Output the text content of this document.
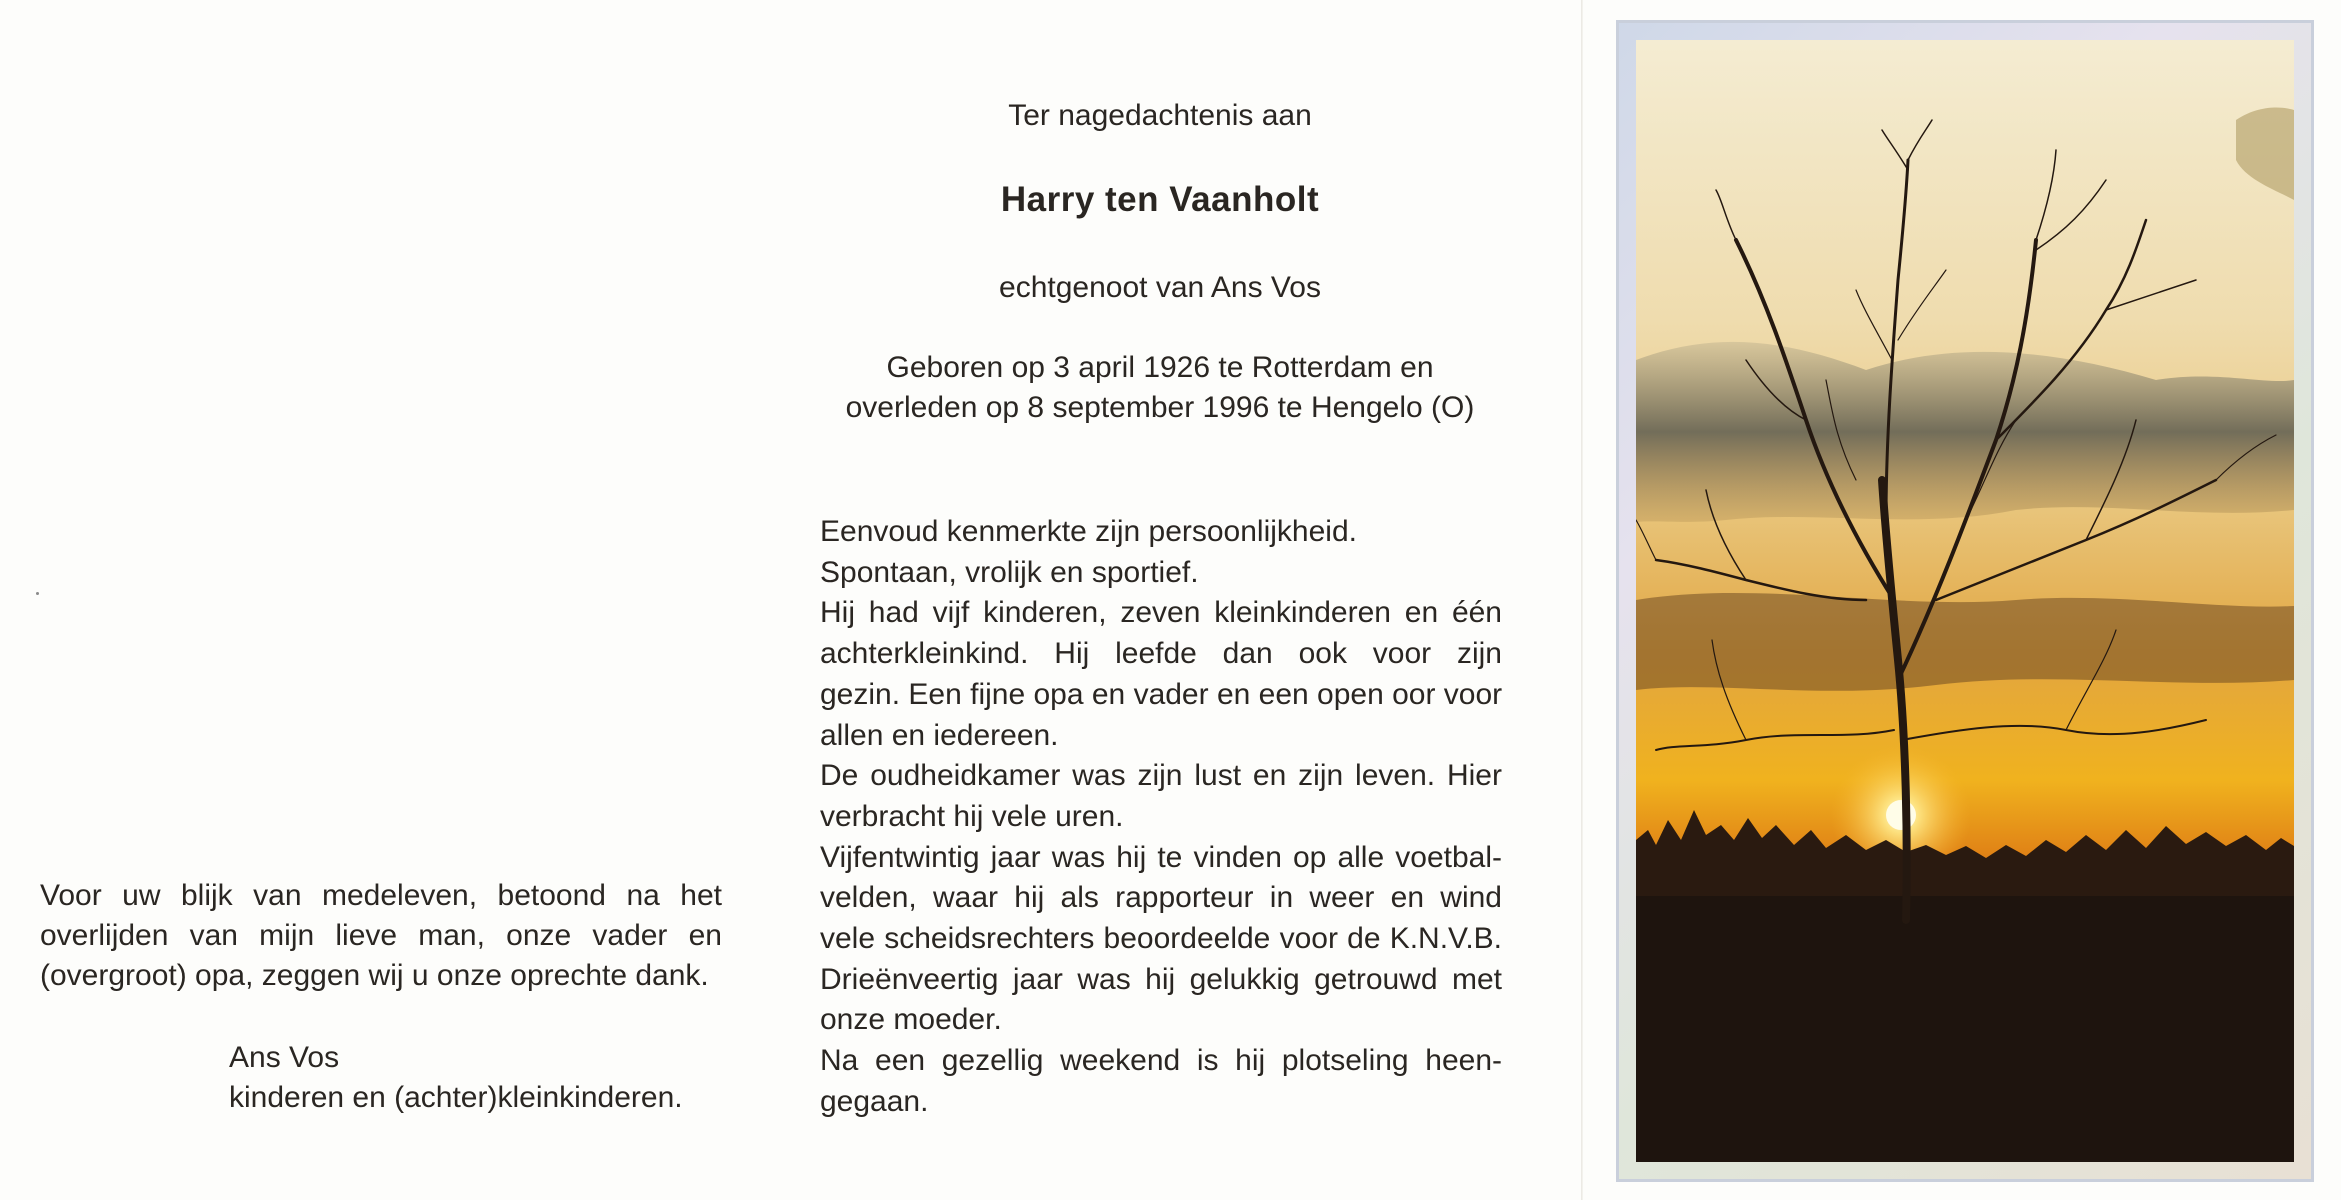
Voor uw blijk van medeleven, betoond na het overlijden van mijn lieve man, onze vader en (overgroot) opa, zeggen wij u onze oprechte dank.
Ans Vos
kinderen en (achter)kleinkinderen.
Ter nagedachtenis aan
Harry ten Vaanholt
echtgenoot van Ans Vos
Geboren op 3 april 1926 te Rotterdam en
overleden op 8 september 1996 te Hengelo (O)
Eenvoud kenmerkte zijn persoonlijkheid.
Spontaan, vrolijk en sportief.
Hij had vijf kinderen, zeven kleinkinderen en één
achterkleinkind. Hij leefde dan ook voor zijn
gezin. Een fijne opa en vader en een open oor voor
allen en iedereen.
De oudheidkamer was zijn lust en zijn leven. Hier
verbracht hij vele uren.
Vijfentwintig jaar was hij te vinden op alle voetbal-
velden, waar hij als rapporteur in weer en wind
vele scheidsrechters beoordeelde voor de K.N.V.B.
Drieënveertig jaar was hij gelukkig getrouwd met
onze moeder.
Na een gezellig weekend is hij plotseling heen-
gegaan.
